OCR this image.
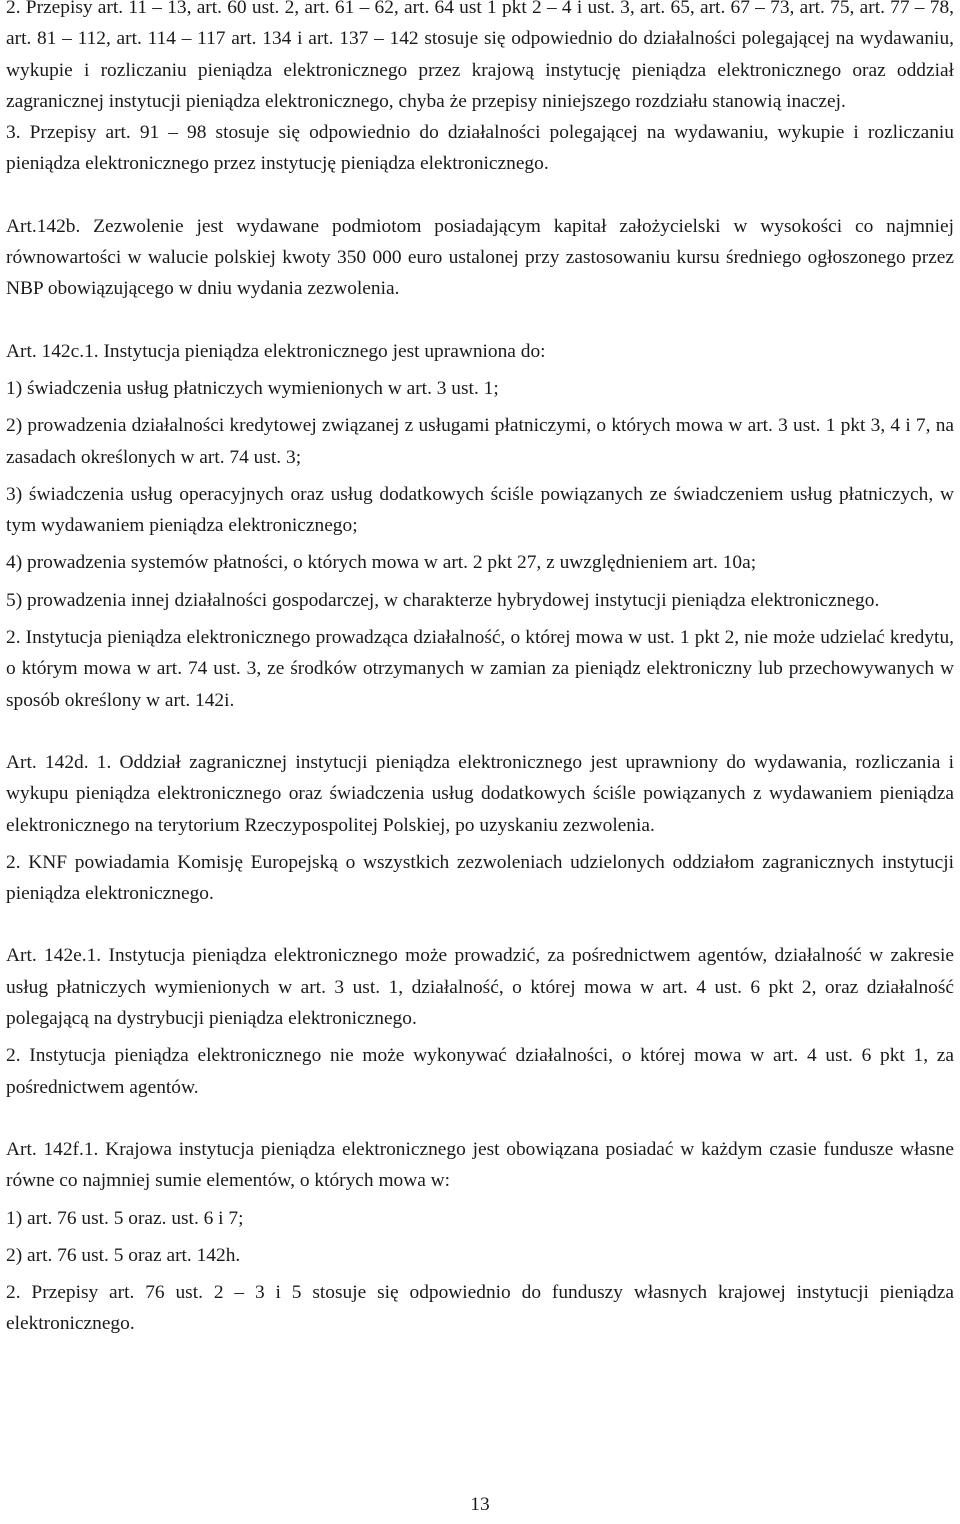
2. Przepisy art. 11 – 13, art. 60 ust. 2, art. 61 – 62, art. 64 ust 1 pkt 2 – 4 i ust. 3, art. 65, art. 67 – 73, art. 75, art. 77 – 78, art. 81 – 112, art. 114 – 117 art. 134 i art. 137 – 142 stosuje się odpowiednio do działalności polegającej na wydawaniu, wykupie i rozliczaniu pieniądza elektronicznego przez krajową instytucję pieniądza elektronicznego oraz oddział zagranicznej instytucji pieniądza elektronicznego, chyba że przepisy niniejszego rozdziału stanowią inaczej.

3. Przepisy art. 91 – 98 stosuje się odpowiednio do działalności polegającej na wydawaniu, wykupie i rozliczaniu pieniądza elektronicznego przez instytucję pieniądza elektronicznego.

Art.142b. Zezwolenie jest wydawane podmiotom posiadającym kapitał założycielski w wysokości co najmniej równowartości w walucie polskiej kwoty 350 000 euro ustalonej przy zastosowaniu kursu średniego ogłoszonego przez NBP obowiązującego w dniu wydania zezwolenia.

Art. 142c.1. Instytucja pieniądza elektronicznego jest uprawniona do:

1) świadczenia usług płatniczych wymienionych w art. 3 ust. 1;

2) prowadzenia działalności kredytowej związanej z usługami płatniczymi, o których mowa w art. 3 ust. 1 pkt 3, 4 i 7, na zasadach określonych w art. 74 ust. 3;

3) świadczenia usług operacyjnych oraz usług dodatkowych ściśle powiązanych ze świadczeniem usług płatniczych, w tym wydawaniem pieniądza elektronicznego;

4) prowadzenia systemów płatności, o których mowa w art. 2 pkt 27, z uwzględnieniem art. 10a;

5) prowadzenia innej działalności gospodarczej, w charakterze hybrydowej instytucji pieniądza elektronicznego.

2. Instytucja pieniądza elektronicznego prowadząca działalność, o której mowa w ust. 1 pkt 2, nie może udzielać kredytu, o którym mowa w art. 74 ust. 3, ze środków otrzymanych w zamian za pieniądz elektroniczny lub przechowywanych w sposób określony w art. 142i.

Art. 142d. 1. Oddział zagranicznej instytucji pieniądza elektronicznego jest uprawniony do wydawania, rozliczania i wykupu pieniądza elektronicznego oraz świadczenia usług dodatkowych ściśle powiązanych z wydawaniem pieniądza elektronicznego na terytorium Rzeczypospolitej Polskiej, po uzyskaniu zezwolenia.

2. KNF powiadamia Komisję Europejską o wszystkich zezwoleniach udzielonych oddziałom zagranicznych instytucji pieniądza elektronicznego.

Art. 142e.1. Instytucja pieniądza elektronicznego może prowadzić, za pośrednictwem agentów, działalność w zakresie usług płatniczych wymienionych w art. 3 ust. 1, działalność, o której mowa w art. 4 ust. 6 pkt 2, oraz działalność polegającą na dystrybucji pieniądza elektronicznego.

2. Instytucja pieniądza elektronicznego nie może wykonywać działalności, o której mowa w art. 4 ust. 6 pkt 1, za pośrednictwem agentów.

Art. 142f.1. Krajowa instytucja pieniądza elektronicznego jest obowiązana posiadać w każdym czasie fundusze własne równe co najmniej sumie elementów, o których mowa w:

1) art. 76 ust. 5 oraz. ust. 6 i 7;

2) art. 76 ust. 5 oraz art. 142h.

2. Przepisy art. 76 ust. 2 – 3 i 5 stosuje się odpowiednio do funduszy własnych krajowej instytucji pieniądza elektronicznego.

13
